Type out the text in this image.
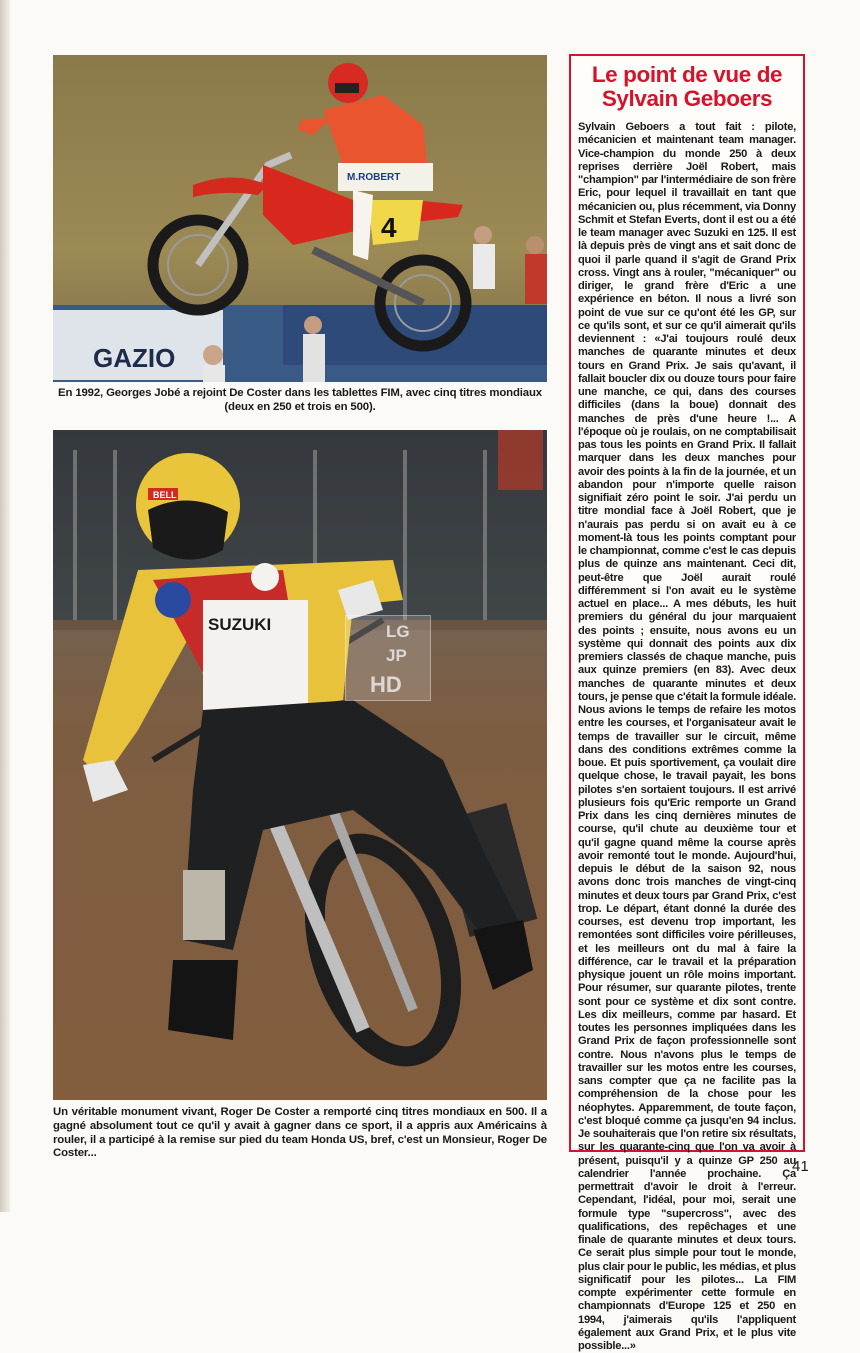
GAZIO
4
M.ROBERT
En 1992, Georges Jobé a rejoint De Coster dans les tablettes FIM, avec cinq titres mondiaux (deux en 250 et trois en 500).
SUZUKI
BELL
LG
JP
HD
Un véritable monument vivant, Roger De Coster a remporté cinq titres mondiaux en 500. Il a gagné absolument tout ce qu'il y avait à gagner dans ce sport, il a appris aux Américains à rouler, il a participé à la remise sur pied du team Honda US, bref, c'est un Monsieur, Roger De Coster...
Le point de vue de Sylvain Geboers
Sylvain Geboers a tout fait : pilote, mécanicien et maintenant team manager. Vice-champion du monde 250 à deux reprises derrière Joël Robert, mais "champion" par l'intermédiaire de son frère Eric, pour lequel il travaillait en tant que mécanicien ou, plus récemment, via Donny Schmit et Stefan Everts, dont il est ou a été le team manager avec Suzuki en 125. Il est là depuis près de vingt ans et sait donc de quoi il parle quand il s'agit de Grand Prix cross. Vingt ans à rouler, "mécaniquer" ou diriger, le grand frère d'Eric a une expérience en béton. Il nous a livré son point de vue sur ce qu'ont été les GP, sur ce qu'ils sont, et sur ce qu'il aimerait qu'ils deviennent : «J'ai toujours roulé deux manches de quarante minutes et deux tours en Grand Prix. Je sais qu'avant, il fallait boucler dix ou douze tours pour faire une manche, ce qui, dans des courses difficiles (dans la boue) donnait des manches de près d'une heure !... A l'époque où je roulais, on ne comptabilisait pas tous les points en Grand Prix. Il fallait marquer dans les deux manches pour avoir des points à la fin de la journée, et un abandon pour n'importe quelle raison signifiait zéro point le soir. J'ai perdu un titre mondial face à Joël Robert, que je n'aurais pas perdu si on avait eu à ce moment-là tous les points comptant pour le championnat, comme c'est le cas depuis plus de quinze ans maintenant. Ceci dit, peut-être que Joël aurait roulé différemment si l'on avait eu le système actuel en place... A mes débuts, les huit premiers du général du jour marquaient des points ; ensuite, nous avons eu un système qui donnait des points aux dix premiers classés de chaque manche, puis aux quinze premiers (en 83). Avec deux manches de quarante minutes et deux tours, je pense que c'était la formule idéale. Nous avions le temps de refaire les motos entre les courses, et l'organisateur avait le temps de travailler sur le circuit, même dans des conditions extrêmes comme la boue. Et puis sportivement, ça voulait dire quelque chose, le travail payait, les bons pilotes s'en sortaient toujours. Il est arrivé plusieurs fois qu'Eric remporte un Grand Prix dans les cinq dernières minutes de course, qu'il chute au deuxième tour et qu'il gagne quand même la course après avoir remonté tout le monde. Aujourd'hui, depuis le début de la saison 92, nous avons donc trois manches de vingt-cinq minutes et deux tours par Grand Prix, c'est trop. Le départ, étant donné la durée des courses, est devenu trop important, les remontées sont difficiles voire périlleuses, et les meilleurs ont du mal à faire la différence, car le travail et la préparation physique jouent un rôle moins important. Pour résumer, sur quarante pilotes, trente sont pour ce système et dix sont contre. Les dix meilleurs, comme par hasard. Et toutes les personnes impliquées dans les Grand Prix de façon professionnelle sont contre. Nous n'avons plus le temps de travailler sur les motos entre les courses, sans compter que ça ne facilite pas la compréhension de la chose pour les néophytes. Apparemment, de toute façon, c'est bloqué comme ça jusqu'en 94 inclus. Je souhaiterais que l'on retire six résultats, sur les quarante-cinq que l'on va avoir à présent, puisqu'il y a quinze GP 250 au calendrier l'année prochaine. Ça permettrait d'avoir le droit à l'erreur. Cependant, l'idéal, pour moi, serait une formule type "supercross", avec des qualifications, des repêchages et une finale de quarante minutes et deux tours. Ce serait plus simple pour tout le monde, plus clair pour le public, les médias, et plus significatif pour les pilotes... La FIM compte expérimenter cette formule en championnats d'Europe 125 et 250 en 1994, j'aimerais qu'ils l'appliquent également aux Grand Prix, et le plus vite possible...»
41
